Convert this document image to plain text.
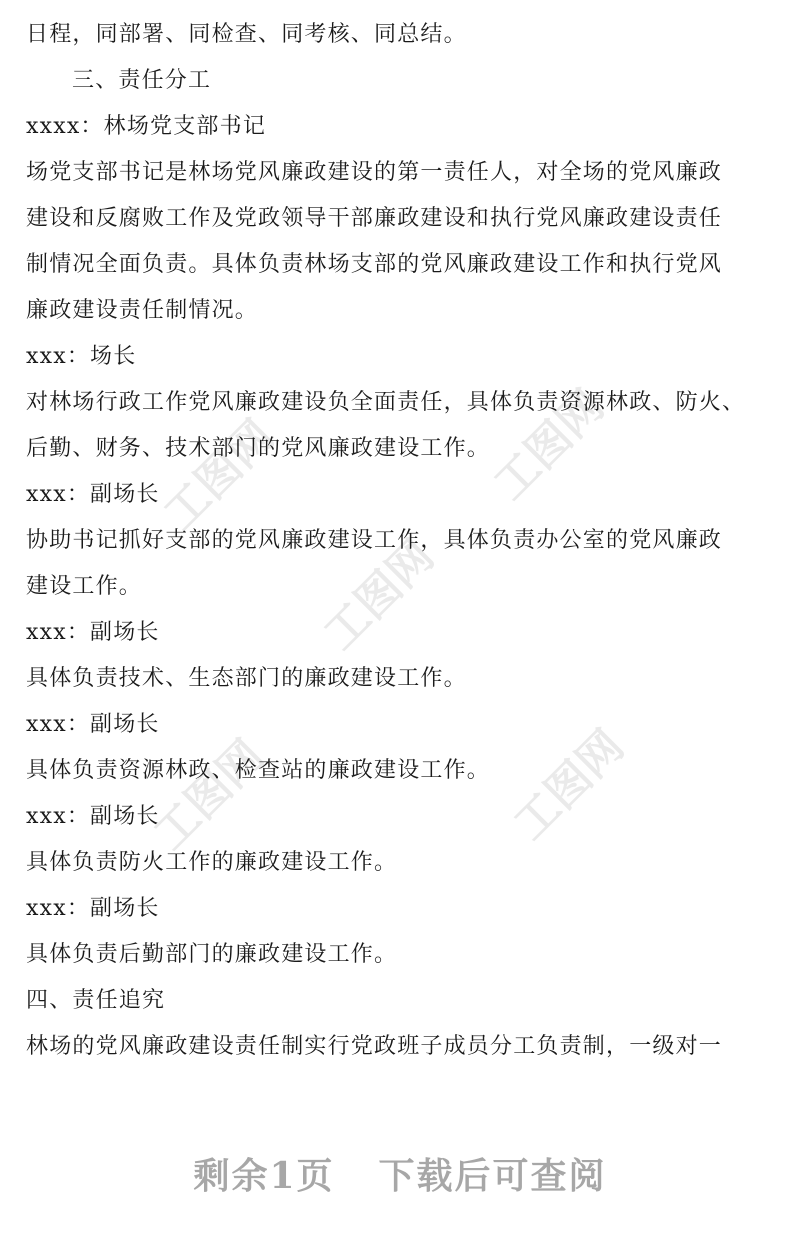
工图网	工图网
工图网
工图网	工图网
日程，同部署、同检查、同考核、同总结。
三、责任分工
xxxx：林场党支部书记
场党支部书记是林场党风廉政建设的第一责任人，对全场的党风廉政
建设和反腐败工作及党政领导干部廉政建设和执行党风廉政建设责任
制情况全面负责。具体负责林场支部的党风廉政建设工作和执行党风
廉政建设责任制情况。
xxx：场长
对林场行政工作党风廉政建设负全面责任，具体负责资源林政、防火、
后勤、财务、技术部门的党风廉政建设工作。
xxx：副场长
协助书记抓好支部的党风廉政建设工作，具体负责办公室的党风廉政
建设工作。
xxx：副场长
具体负责技术、生态部门的廉政建设工作。
xxx：副场长
具体负责资源林政、检查站的廉政建设工作。
xxx：副场长
具体负责防火工作的廉政建设工作。
xxx：副场长
具体负责后勤部门的廉政建设工作。
四、责任追究
林场的党风廉政建设责任制实行党政班子成员分工负责制，一级对一
剩余1页 下载后可查阅
